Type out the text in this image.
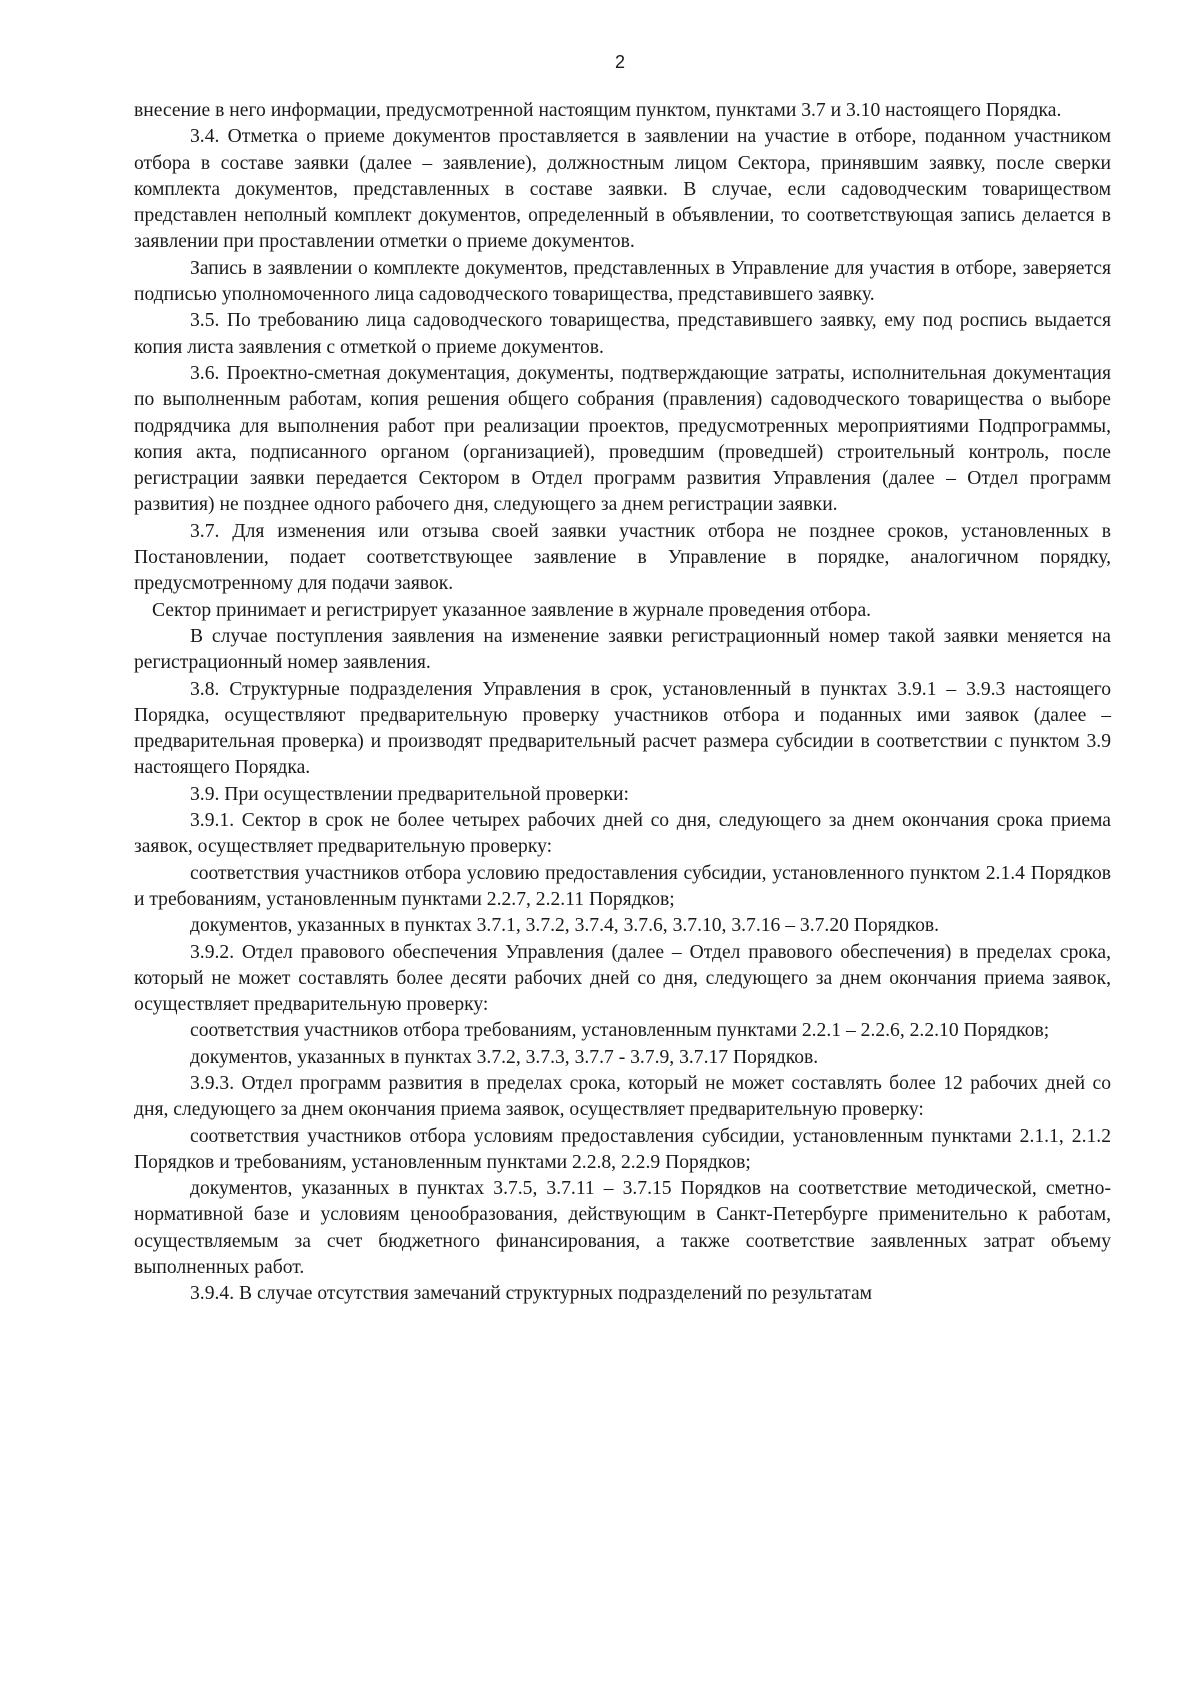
2

внесение в него информации, предусмотренной настоящим пунктом, пунктами 3.7 и 3.10 настоящего Порядка.

3.4. Отметка о приеме документов проставляется в заявлении на участие в отборе, поданном участником отбора в составе заявки (далее – заявление), должностным лицом Сектора, принявшим заявку, после сверки комплекта документов, представленных в составе заявки. В случае, если садоводческим товариществом представлен неполный комплект документов, определенный в объявлении, то соответствующая запись делается в заявлении при проставлении отметки о приеме документов.

Запись в заявлении о комплекте документов, представленных в Управление для участия в отборе, заверяется подписью уполномоченного лица садоводческого товарищества, представившего заявку.

3.5. По требованию лица садоводческого товарищества, представившего заявку, ему под роспись выдается копия листа заявления с отметкой о приеме документов.

3.6. Проектно-сметная документация, документы, подтверждающие затраты, исполнительная документация по выполненным работам, копия решения общего собрания (правления) садоводческого товарищества о выборе подрядчика для выполнения работ при реализации проектов, предусмотренных мероприятиями Подпрограммы, копия акта, подписанного органом (организацией), проведшим (проведшей) строительный контроль, после регистрации заявки передается Сектором в Отдел программ развития Управления (далее – Отдел программ развития) не позднее одного рабочего дня, следующего за днем регистрации заявки.

3.7. Для изменения или отзыва своей заявки участник отбора не позднее сроков, установленных в Постановлении, подает соответствующее заявление в Управление в порядке, аналогичном порядку, предусмотренному для подачи заявок.

Сектор принимает и регистрирует указанное заявление в журнале проведения отбора.

В случае поступления заявления на изменение заявки регистрационный номер такой заявки меняется на регистрационный номер заявления.

3.8. Структурные подразделения Управления в срок, установленный в пунктах 3.9.1 – 3.9.3 настоящего Порядка, осуществляют предварительную проверку участников отбора и поданных ими заявок (далее – предварительная проверка) и производят предварительный расчет размера субсидии в соответствии с пунктом 3.9 настоящего Порядка.

3.9. При осуществлении предварительной проверки:

3.9.1. Сектор в срок не более четырех рабочих дней со дня, следующего за днем окончания срока приема заявок, осуществляет предварительную проверку:

соответствия участников отбора условию предоставления субсидии, установленного пунктом 2.1.4 Порядков и требованиям, установленным пунктами 2.2.7, 2.2.11 Порядков;

документов, указанных в пунктах 3.7.1, 3.7.2, 3.7.4, 3.7.6, 3.7.10, 3.7.16 – 3.7.20 Порядков.

3.9.2. Отдел правового обеспечения Управления (далее – Отдел правового обеспечения) в пределах срока, который не может составлять более десяти рабочих дней со дня, следующего за днем окончания приема заявок, осуществляет предварительную проверку:

соответствия участников отбора требованиям, установленным пунктами 2.2.1 – 2.2.6, 2.2.10 Порядков;

документов, указанных в пунктах 3.7.2, 3.7.3, 3.7.7 - 3.7.9, 3.7.17 Порядков.

3.9.3. Отдел программ развития в пределах срока, который не может составлять более 12 рабочих дней со дня, следующего за днем окончания приема заявок, осуществляет предварительную проверку:

соответствия участников отбора условиям предоставления субсидии, установленным пунктами 2.1.1, 2.1.2 Порядков и требованиям, установленным пунктами 2.2.8, 2.2.9 Порядков;

документов, указанных в пунктах 3.7.5, 3.7.11 – 3.7.15 Порядков на соответствие методической, сметно-нормативной базе и условиям ценообразования, действующим в Санкт-Петербурге применительно к работам, осуществляемым за счет бюджетного финансирования, а также соответствие заявленных затрат объему выполненных работ.

3.9.4. В случае отсутствия замечаний структурных подразделений по результатам
